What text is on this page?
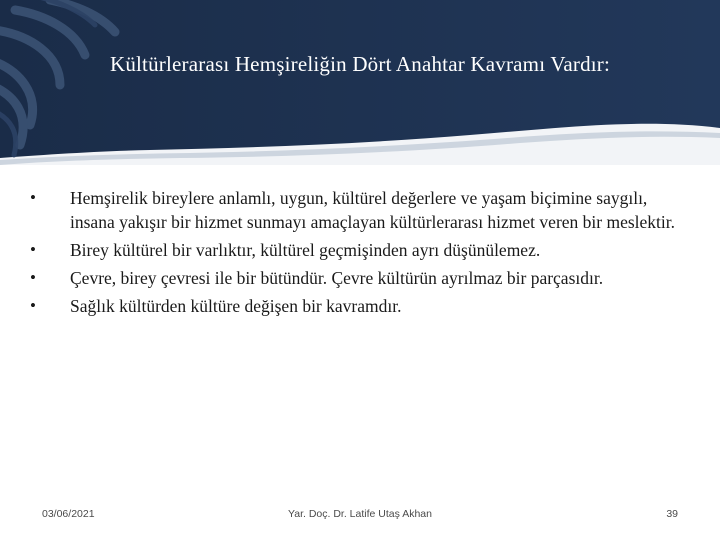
Kültürlerarası Hemşireliğin Dört Anahtar Kavramı Vardır:
• Hemşirelik bireylere anlamlı, uygun, kültürel değerlere ve yaşam biçimine saygılı, insana yakışır bir hizmet sunmayı amaçlayan kültürlerarası hizmet veren bir meslektir.
• Birey kültürel bir varlıktır, kültürel geçmişinden ayrı düşünülemez.
• Çevre, birey çevresi ile bir bütündür. Çevre kültürün ayrılmaz bir parçasıdır.
• Sağlık kültürden kültüre değişen bir kavramdır.
03/06/2021	Yar. Doç. Dr. Latife Utaş Akhan	39
